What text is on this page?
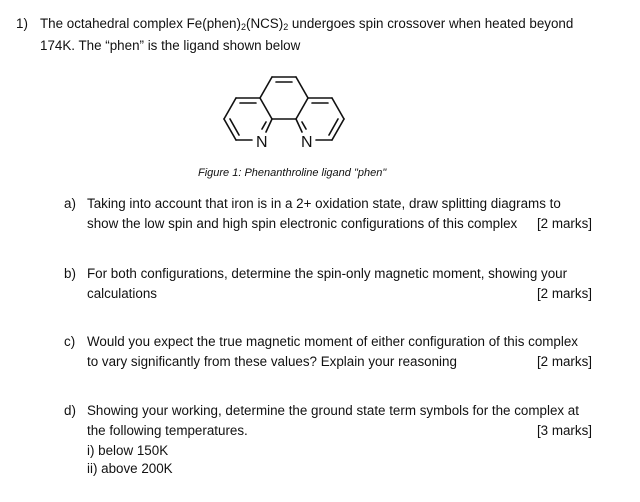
1) The octahedral complex $Fe(phen)_2(NCS)_2$ undergoes spin crossover when heated beyond
174K. The “phen” is the ligand shown below
N N
Figure 1: Phenanthroline ligand "phen"
a) Taking into account that iron is in a 2+ oxidation state, draw splitting diagrams to
show the low spin and high spin electronic configurations of this complex [2 marks]
b) For both configurations, determine the spin-only magnetic moment, showing your
calculations	[2 marks]
c) Would you expect the true magnetic moment of either configuration of this complex
to vary significantly from these values? Explain your reasoning	[2 marks]
d) Showing your working, determine the ground state term symbols for the complex at
the following temperatures.	[3 marks]
i) below 150K
ii) above 200K
